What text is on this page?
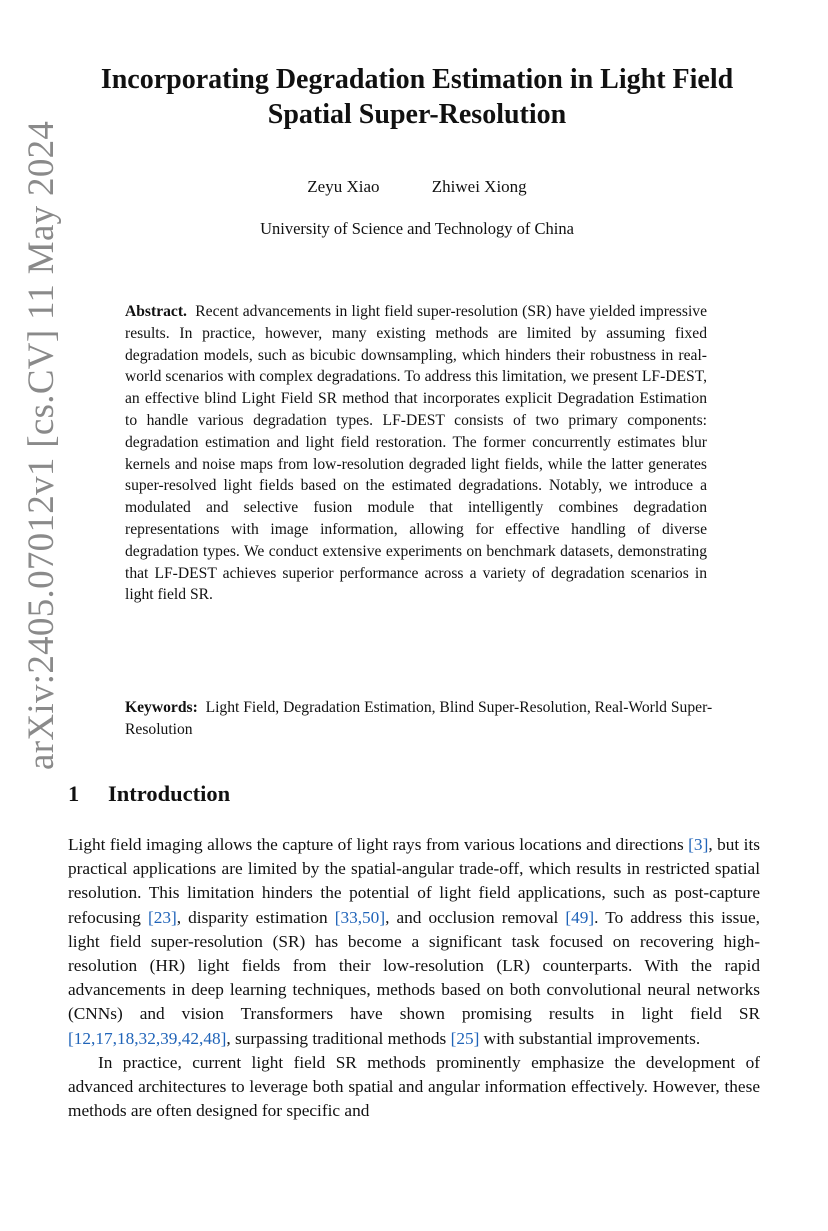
arXiv:2405.07012v1 [cs.CV] 11 May 2024
Incorporating Degradation Estimation in Light Field Spatial Super-Resolution
Zeyu Xiao	Zhiwei Xiong
University of Science and Technology of China
Abstract. Recent advancements in light field super-resolution (SR) have yielded impressive results. In practice, however, many existing methods are limited by assuming fixed degradation models, such as bicubic downsampling, which hinders their robustness in real-world scenarios with complex degradations. To address this limitation, we present LF-DEST, an effective blind Light Field SR method that incorporates explicit Degradation Estimation to handle various degradation types. LF-DEST consists of two primary components: degradation estimation and light field restoration. The former concurrently estimates blur kernels and noise maps from low-resolution degraded light fields, while the latter generates super-resolved light fields based on the estimated degradations. Notably, we introduce a modulated and selective fusion module that intelligently combines degradation representations with image information, allowing for effective handling of diverse degradation types. We conduct extensive experiments on benchmark datasets, demonstrating that LF-DEST achieves superior performance across a variety of degradation scenarios in light field SR.
Keywords: Light Field, Degradation Estimation, Blind Super-Resolution, Real-World Super-Resolution
1 Introduction

Light field imaging allows the capture of light rays from various locations and directions [3], but its practical applications are limited by the spatial-angular trade-off, which results in restricted spatial resolution. This limitation hinders the potential of light field applications, such as post-capture refocusing [23], disparity estimation [33,50], and occlusion removal [49]. To address this issue, light field super-resolution (SR) has become a significant task focused on recovering high-resolution (HR) light fields from their low-resolution (LR) counterparts. With the rapid advancements in deep learning techniques, methods based on both convolutional neural networks (CNNs) and vision Transformers have shown promising results in light field SR [12,17,18,32,39,42,48], surpassing traditional methods [25] with substantial improvements.

In practice, current light field SR methods prominently emphasize the development of advanced architectures to leverage both spatial and angular information effectively. However, these methods are often designed for specific and
